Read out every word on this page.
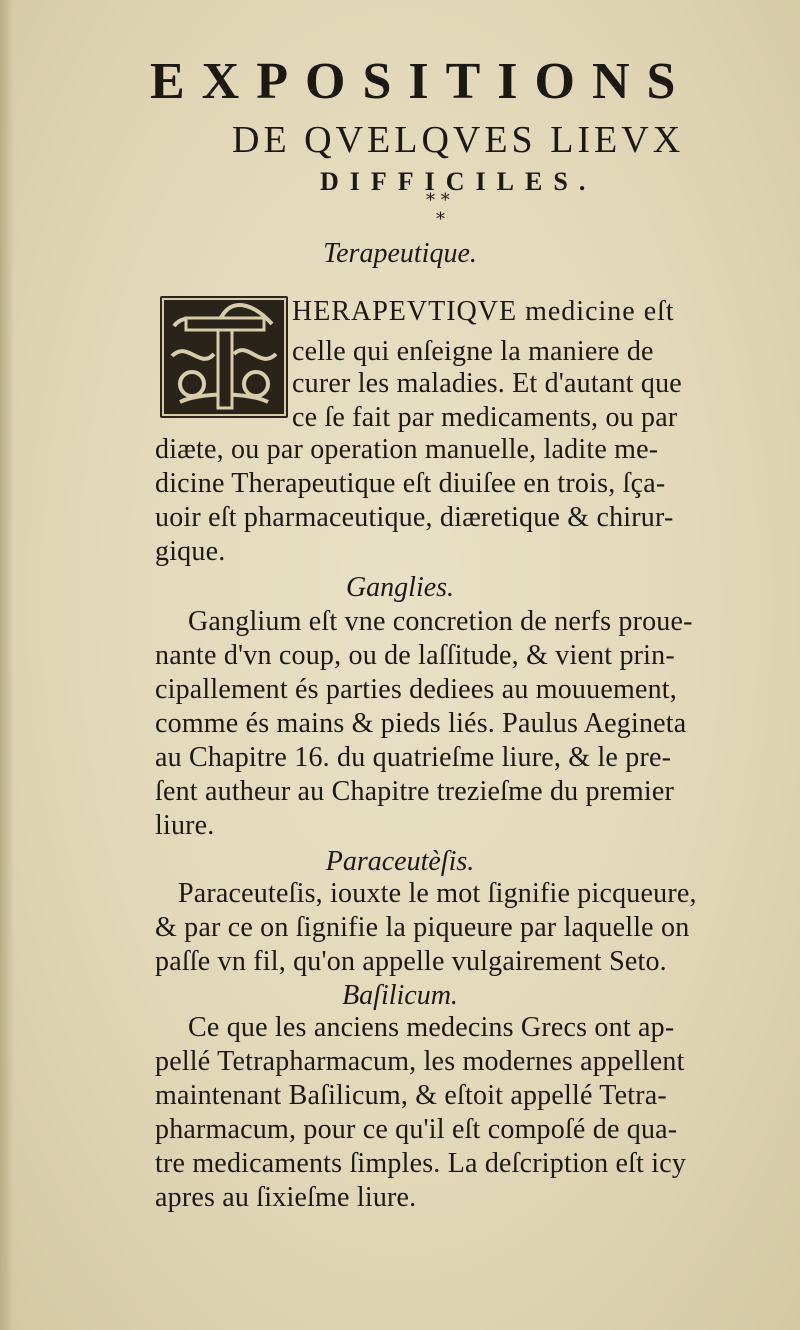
EXPOSITIONS
DE QVELQVES LIEVX
DIFFICILES.
* *
*
Terapeutique.
HERAPEVTIQVE medicine eſt
celle qui enſeigne la maniere de
curer les maladies. Et d'autant que
ce ſe fait par medicaments, ou par
diæte, ou par operation manuelle, ladite me-
dicine Therapeutique eſt diuiſee en trois, ſça-
uoir eſt pharmaceutique, diæretique & chirur-
gique.
Ganglies.
Ganglium eſt vne concretion de nerfs proue-
nante d'vn coup, ou de laſſitude, & vient prin-
cipallement és parties dediees au mouuement,
comme és mains & pieds liés. Paulus Aegineta
au Chapitre 16. du quatrieſme liure, & le pre-
ſent autheur au Chapitre trezieſme du premier
liure.
Paraceutèſis.
Paraceuteſis, iouxte le mot ſignifie picqueure,
& par ce on ſignifie la piqueure par laquelle on
paſſe vn fil, qu'on appelle vulgairement Seto.
Baſilicum.
Ce que les anciens medecins Grecs ont ap-
pellé Tetrapharmacum, les modernes appellent
maintenant Baſilicum, & eſtoit appellé Tetra-
pharmacum, pour ce qu'il eſt compoſé de qua-
tre medicaments ſimples. La deſcription eſt icy
apres au ſixieſme liure.
